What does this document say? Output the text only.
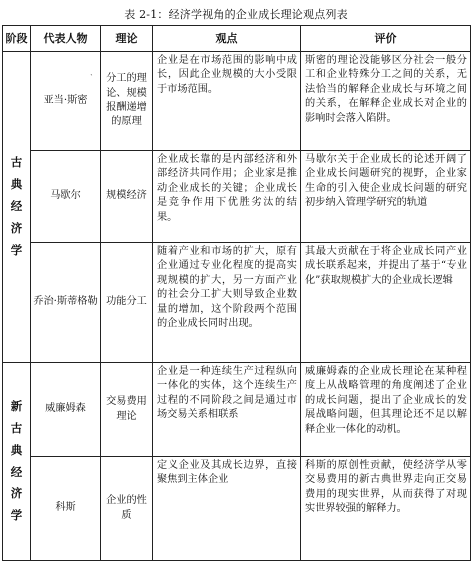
表 2-1：经济学视角的企业成长理论观点列表
阶段	代表人物	理论	观点	评价
古典经济学	亚当·斯密	分工的理论、规模报酬递增的原理	企业是在市场范围的影响中成长，因此企业规模的大小受限于市场范围。	斯密的理论没能够区分社会一般分工和企业特殊分工之间的关系，无法恰当的解释企业成长与环境之间的关系，在解释企业成长对企业的影响时会落入陷阱。
	马歇尔	规模经济	企业成长靠的是内部经济和外部经济共同作用；企业家是推动企业成长的关键；企业成长是竞争作用下优胜劣汰的结果。	马歇尔关于企业成长的论述开阔了企业成长问题研究的视野，企业家生命的引入使企业成长问题的研究初步纳入管理学研究的轨道
	乔治·斯蒂格勒	功能分工	随着产业和市场的扩大，原有企业通过专业化程度的提高实现规模的扩大，另一方面产业的社会分工扩大则导致企业数量的增加，这个阶段两个范围的企业成长同时出现。	其最大贡献在于将企业成长同产业成长联系起来，并提出了基于“专业化”获取规模扩大的企业成长逻辑
新古典经济学	威廉姆森	交易费用理论	企业是一种连续生产过程纵向一体化的实体，这个连续生产过程的不同阶段之间是通过市场交易关系相联系	威廉姆森的企业成长理论在某种程度上从战略管理的角度阐述了企业的成长问题，提出了企业成长的发展战略问题，但其理论还不足以解释企业一体化的动机。
	科斯	企业的性质	定义企业及其成长边界，直接聚焦到主体企业	科斯的原创性贡献，使经济学从零交易费用的新古典世界走向正交易费用的现实世界，从而获得了对现实世界较强的解释力。
ˋ
